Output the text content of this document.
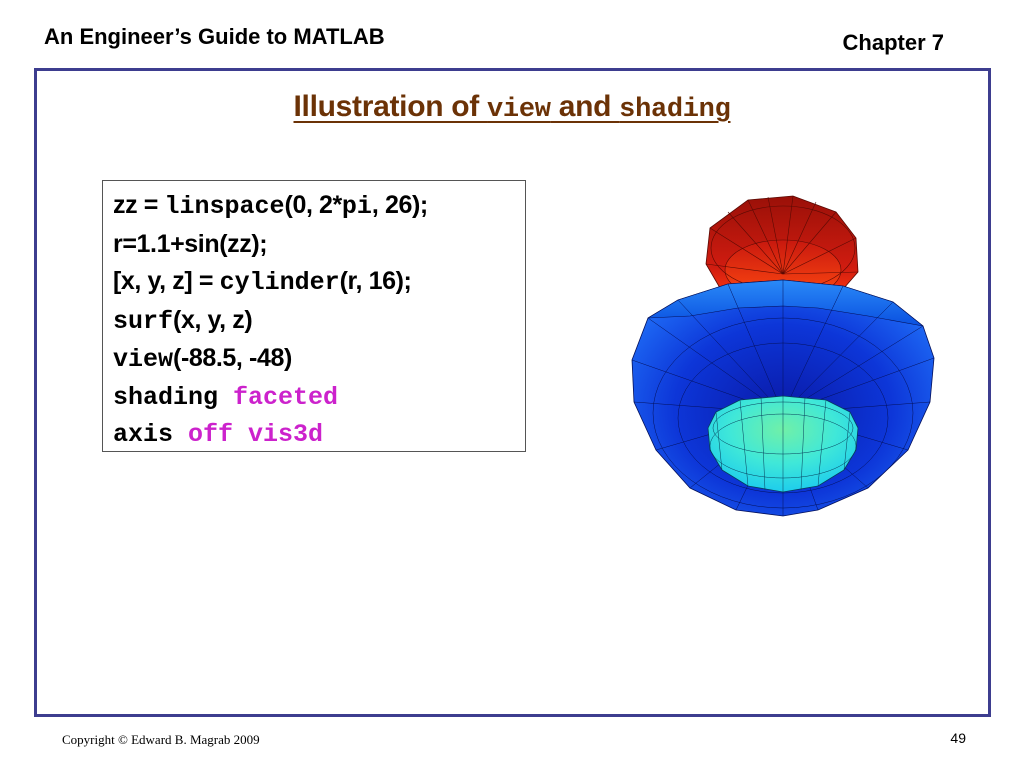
An Engineer’s Guide to MATLAB	Chapter 7
Illustration of view and shading
zz = linspace(0, 2*pi, 26);
r=1.1+sin(zz);
[x, y, z] = cylinder(r, 16);
surf(x, y, z)
view(-88.5, -48)
shading faceted
axis off vis3d
Copyright © Edward B. Magrab 2009	49
